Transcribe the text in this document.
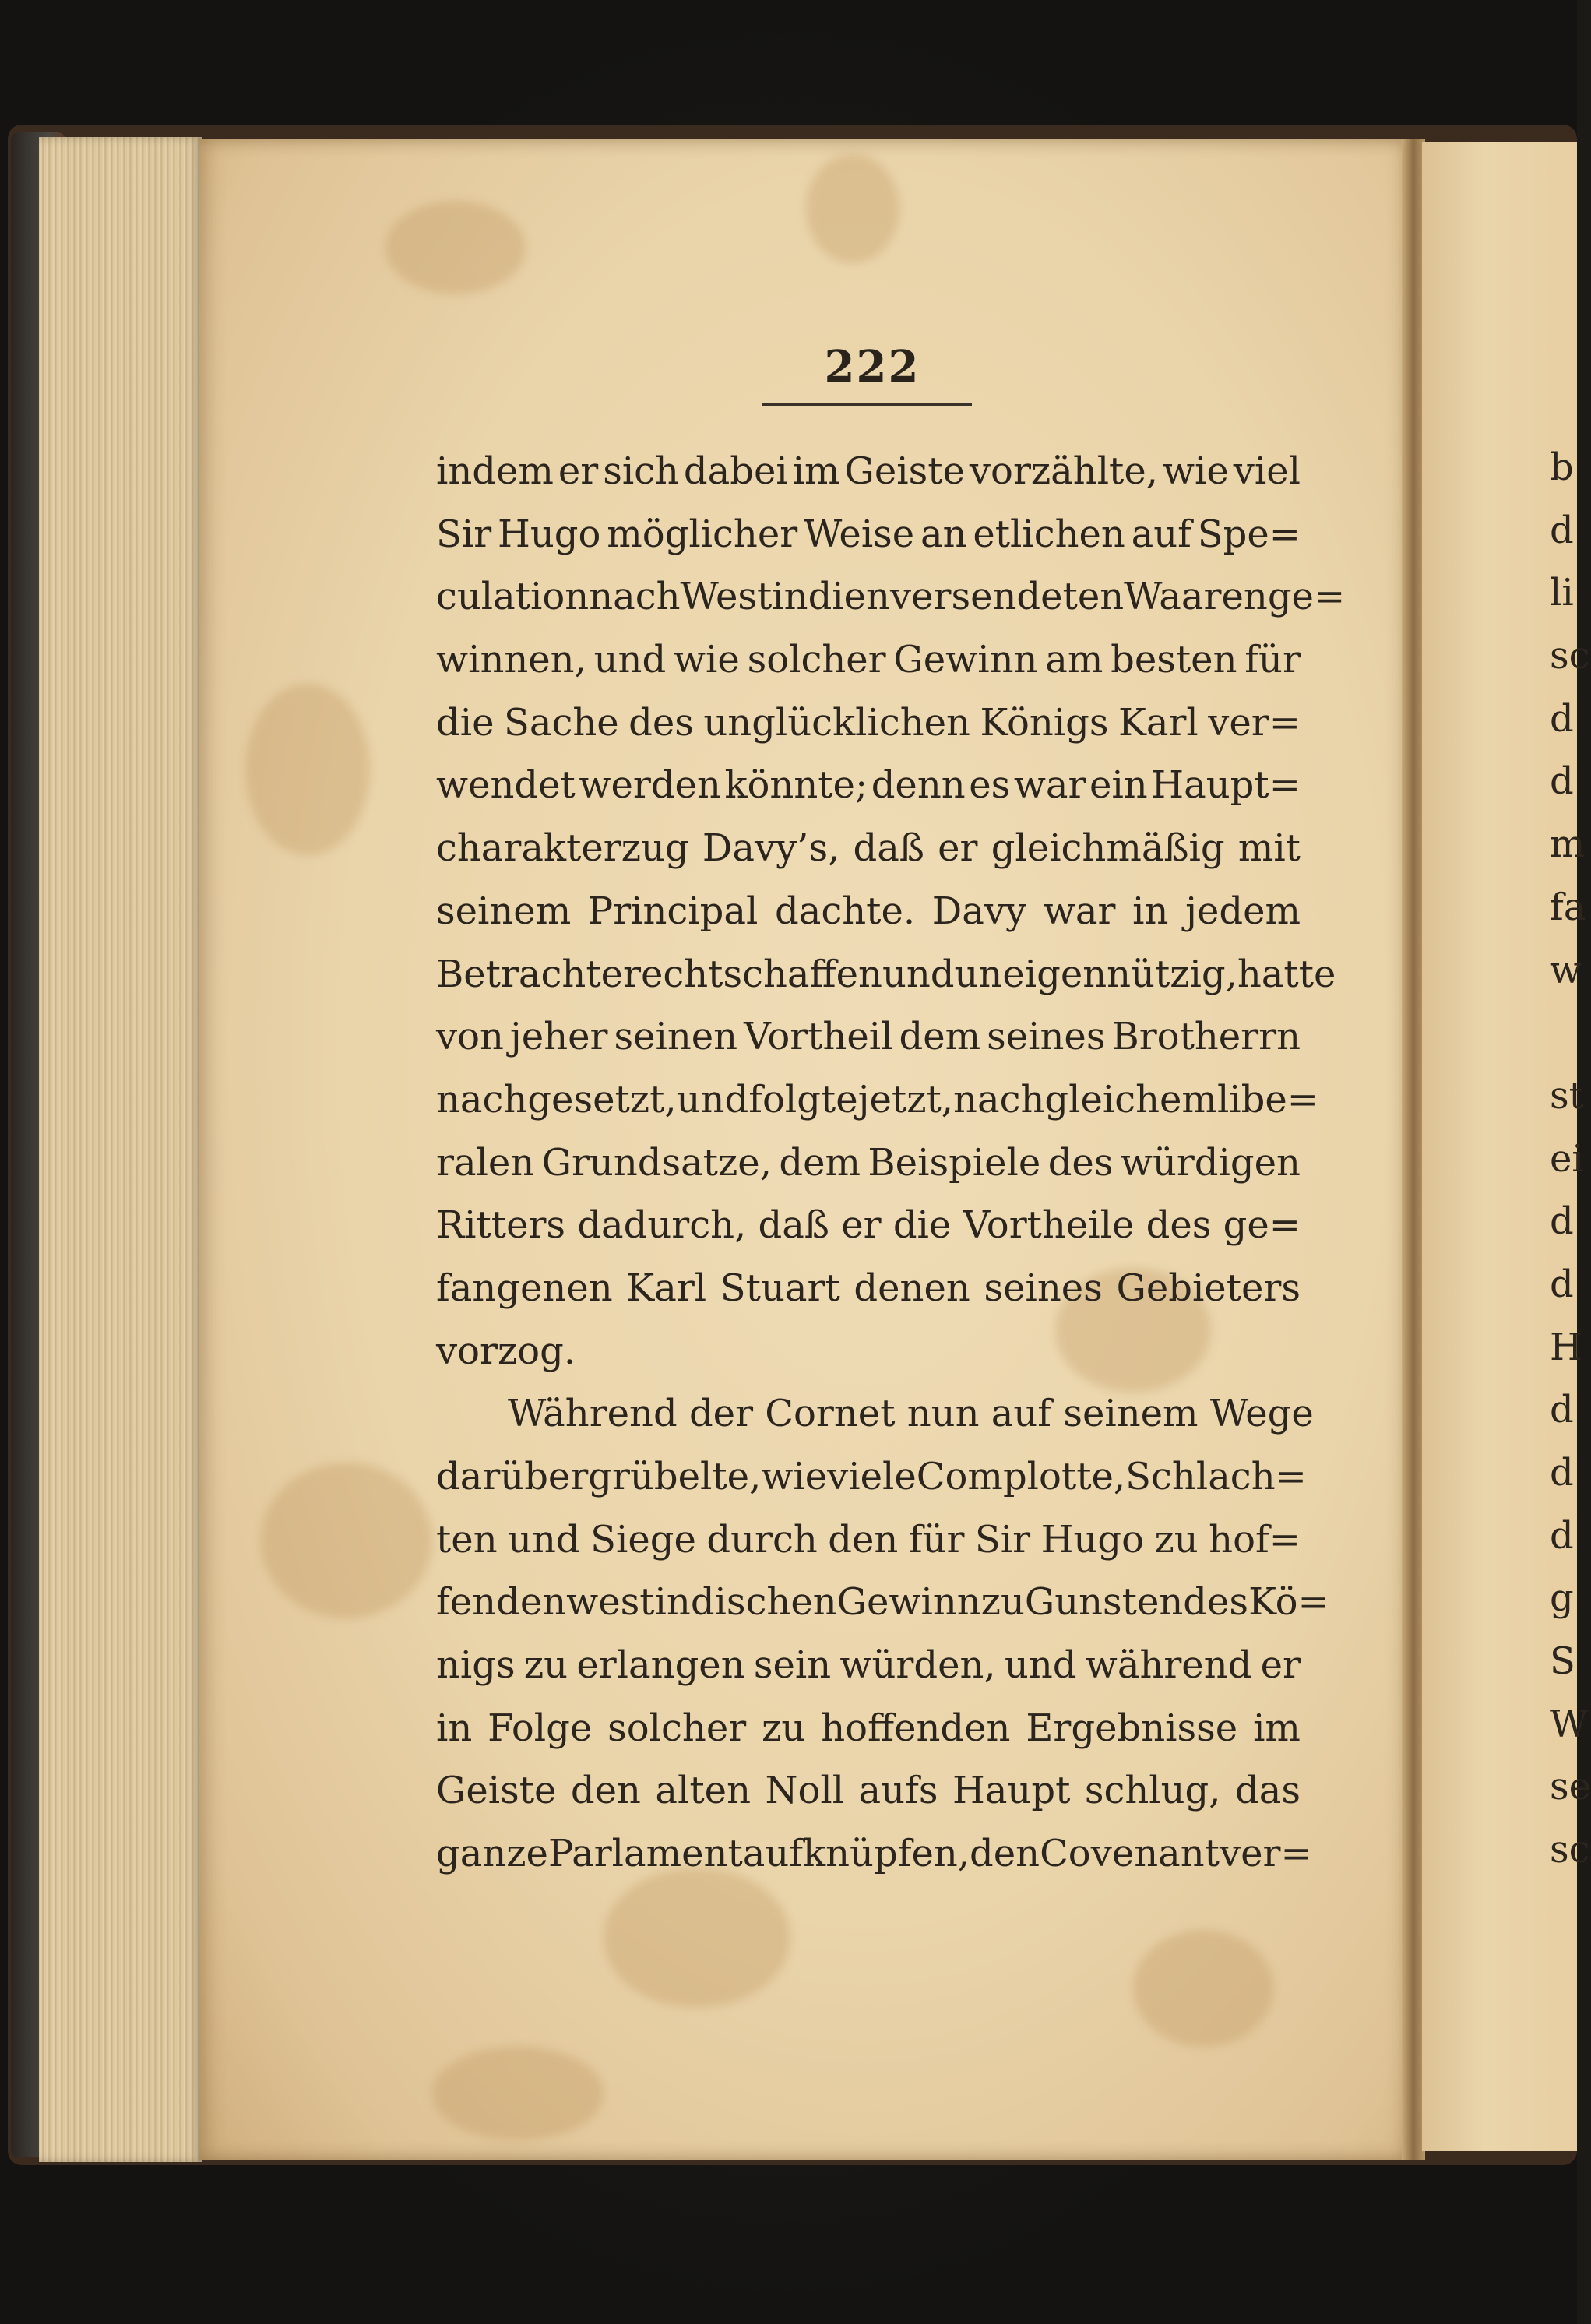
222
indem er sich dabei im Geiste vorzählte, wie viel
Sir Hugo möglicher Weise an etlichen auf Spe=
culation nach Westindien versendeten Waaren ge=
winnen, und wie solcher Gewinn am besten für
die Sache des unglücklichen Königs Karl ver=
wendet werden könnte; denn es war ein Haupt=
charakterzug Davy’s, daß er gleichmäßig mit
seinem Principal dachte. Davy war in jedem
Betrachte rechtschaffen und uneigennützig, hatte
von jeher seinen Vortheil dem seines Brotherrn
nachgesetzt, und folgte jetzt, nach gleichem libe=
ralen Grundsatze, dem Beispiele des würdigen
Ritters dadurch, daß er die Vortheile des ge=
fangenen Karl Stuart denen seines Gebieters
vorzog.

Während
der
Cornet
nun
auf
seinem
Wege

darüber grübelte, wie viele Complotte, Schlach=
ten und Siege durch den für Sir Hugo zu hof=
fenden westindischen Gewinn zu Gunsten des Kö=
nigs zu erlangen sein würden, und während er
in Folge solcher zu hoffenden Ergebnisse im
Geiste den alten Noll aufs Haupt schlug, das
ganze Parlament aufknüpfen, den Covenant ver=
b
d
li
sc
d
d
m
fa
w
st
ei
d
d
H
d
d
d
g
S
W
se
sc
